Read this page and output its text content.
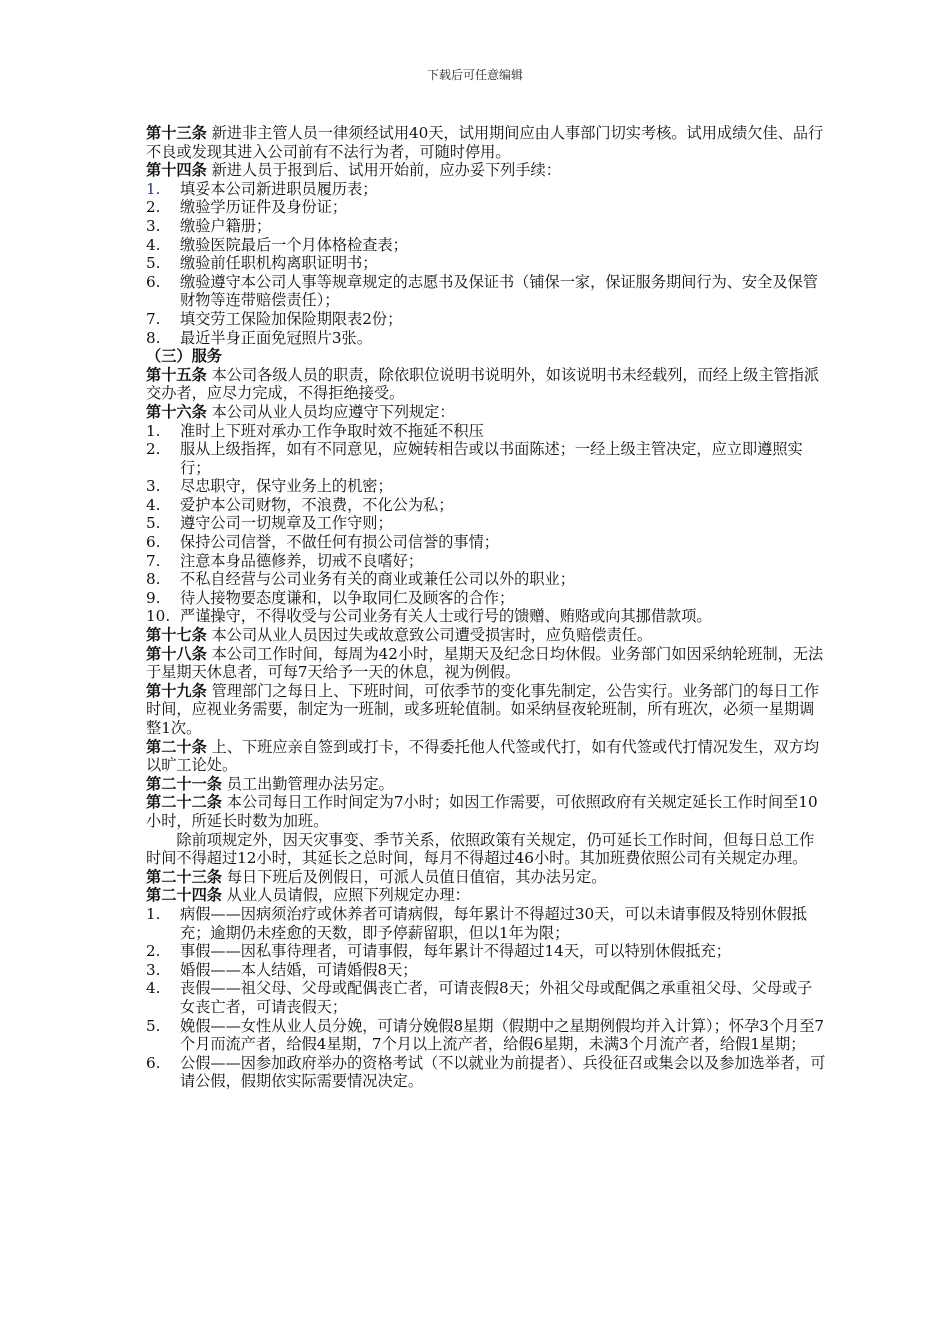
下载后可任意编辑

第十三条 新进非主管人员一律须经试用40天，试用期间应由人事部门切实考核。试用成绩欠佳、品行不良或发现其进入公司前有不法行为者，可随时停用。

第十四条 新进人员于报到后、试用开始前，应办妥下列手续：

1.	填妥本公司新进职员履历表；
2.	缴验学历证件及身份证；
3.	缴验户籍册；
4.	缴验医院最后一个月体格检查表；
5.	缴验前任职机构离职证明书；
6.	缴验遵守本公司人事等规章规定的志愿书及保证书（铺保一家，保证服务期间行为、安全及保管财物等连带赔偿责任）；
7.	填交劳工保险加保险期限表2份；
8.	最近半身正面免冠照片3张。

（三）服务

第十五条 本公司各级人员的职责，除依职位说明书说明外，如该说明书未经载列，而经上级主管指派交办者，应尽力完成，不得拒绝接受。

第十六条 本公司从业人员均应遵守下列规定：

1.	准时上下班对承办工作争取时效不拖延不积压
2.	服从上级指挥，如有不同意见，应婉转相告或以书面陈述；一经上级主管决定，应立即遵照实行；
3.	尽忠职守，保守业务上的机密；
4.	爱护本公司财物，不浪费，不化公为私；
5.	遵守公司一切规章及工作守则；
6.	保持公司信誉，不做任何有损公司信誉的事情；
7.	注意本身品德修养，切戒不良嗜好；
8.	不私自经营与公司业务有关的商业或兼任公司以外的职业；
9.	待人接物要态度谦和，以争取同仁及顾客的合作；
10. 严谨操守，不得收受与公司业务有关人士或行号的馈赠、贿赂或向其挪借款项。

第十七条 本公司从业人员因过失或故意致公司遭受损害时，应负赔偿责任。

第十八条 本公司工作时间，每周为42小时，星期天及纪念日均休假。业务部门如因采纳轮班制，无法于星期天休息者，可每7天给予一天的休息，视为例假。

第十九条 管理部门之每日上、下班时间，可依季节的变化事先制定，公告实行。业务部门的每日工作时间，应视业务需要，制定为一班制，或多班轮值制。如采纳昼夜轮班制，所有班次，必须一星期调整1次。

第二十条 上、下班应亲自签到或打卡，不得委托他人代签或代打，如有代签或代打情况发生，双方均以旷工论处。

第二十一条 员工出勤管理办法另定。

第二十二条 本公司每日工作时间定为7小时；如因工作需要，可依照政府有关规定延长工作时间至10小时，所延长时数为加班。

除前项规定外，因天灾事变、季节关系，依照政策有关规定，仍可延长工作时间，但每日总工作时间不得超过12小时，其延长之总时间，每月不得超过46小时。其加班费依照公司有关规定办理。

第二十三条 每日下班后及例假日，可派人员值日值宿，其办法另定。

第二十四条 从业人员请假，应照下列规定办理：

1.	病假——因病须治疗或休养者可请病假，每年累计不得超过30天，可以未请事假及特别休假抵充；逾期仍未痊愈的天数，即予停薪留职，但以1年为限；
2.	事假——因私事待理者，可请事假，每年累计不得超过14天，可以特别休假抵充；
3.	婚假——本人结婚，可请婚假8天；
4.	丧假——祖父母、父母或配偶丧亡者，可请丧假8天；外祖父母或配偶之承重祖父母、父母或子女丧亡者，可请丧假天；
5.	娩假——女性从业人员分娩，可请分娩假8星期（假期中之星期例假均并入计算）；怀孕3个月至7个月而流产者，给假4星期，7个月以上流产者，给假6星期，未满3个月流产者，给假1星期；
6.	公假——因参加政府举办的资格考试（不以就业为前提者）、兵役征召或集会以及参加选举者，可请公假，假期依实际需要情况决定。
